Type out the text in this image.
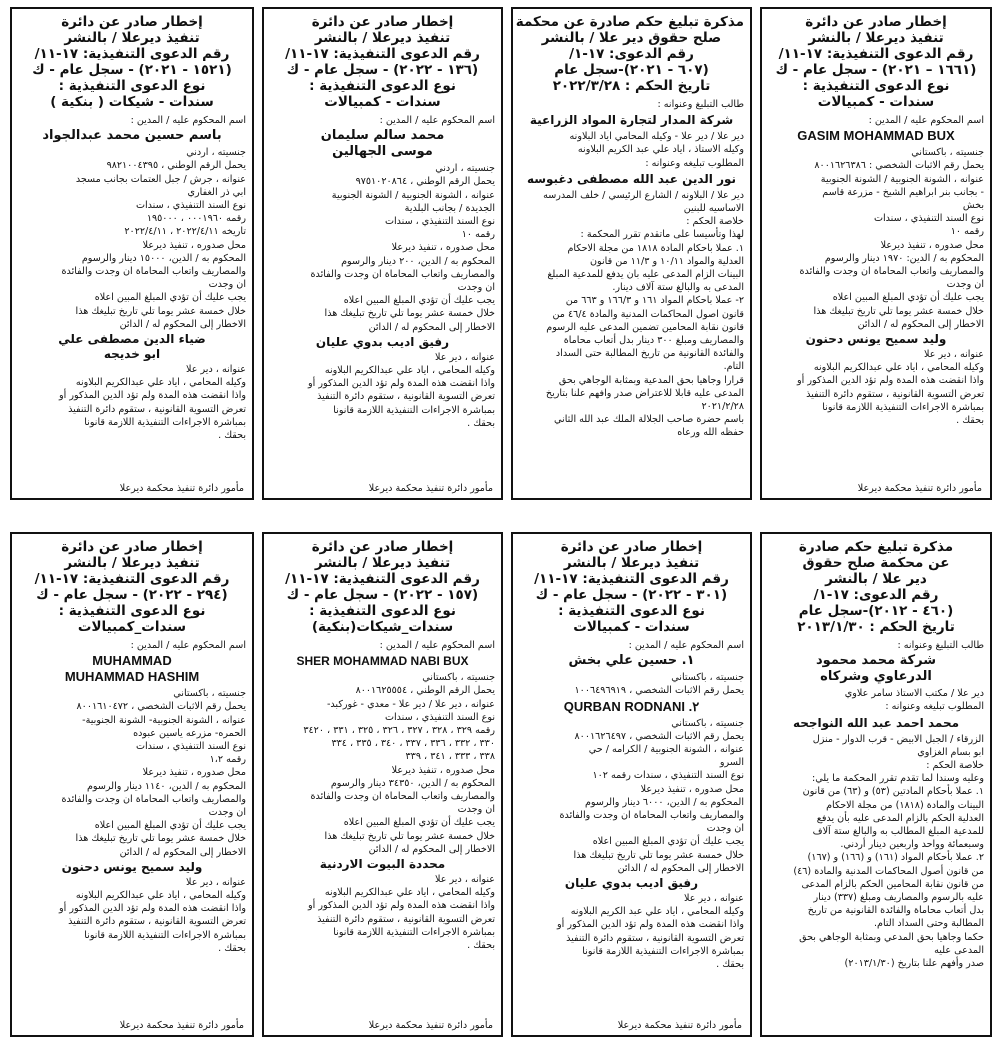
إخطار صادر عن دائرة
تنفيذ ديرعلا / بالنشر
رقم الدعوى التنفيذية: ١٧-١١/
(١٦٦١ – ٢٠٢١) - سجل عام - ك
نوع الدعوى التنفيذية :
سندات - كمبيالات
اسم المحكوم عليه / المدين :
GASIM MOHAMMAD BUX
جنسيته ، باكستاني
يحمل رقم الاثبات الشخصي : ٨٠٠١٦٢٦٣٨٦
عنوانه ، الشونة الجنوبية / الشونة الجنوبية
- بجانب بنر ابراهيم الشيخ - مزرعة قاسم
بخش
نوع السند التنفيذي ، سندات
رقمه ١٠
محل صدوره ، تنفيذ ديرعلا
المحكوم به / الدين: ١٩٧٠ دينار والرسوم
والمصاريف واتعاب المحاماة ان وجدت والفائدة
ان وجدت
يجب عليك أن تؤدي المبلغ المبين اعلاه
خلال خمسة عشر يوما تلي تاريخ تبليغك هذا
الاخطار إلى المحكوم له / الدائن
وليد سميح يونس دحنون
عنوانه ، دير علا
وكيله المحامي ، اياد علي عبدالكريم البلاونه
واذا انقضت هذه المدة ولم تؤد الدين المذكور أو
تعرض التسوية القانونية ، ستقوم دائرة التنفيذ
بمباشرة الاجراءات التنفيذية اللازمة قانونا
بحقك .
مأمور دائرة تنفيذ محكمة ديرعلا
مذكرة تبليغ حكم صادرة عن محكمة
صلح حقوق دير علا / بالنشر
رقم الدعوى: ١٧-١/
(٦٠٧ - ٢٠٢١)-سجل عام
تاريخ الحكم : ٢٠٢٢/٣/٢٨
طالب التبليغ وعنوانه :
شركة المدار لتجارة المواد الزراعية
دير علا / دير علا - وكيله المحامي اياد البلاونه
وكيله الاستاذ ، اياد علي عبد الكريم البلاونه
المطلوب تبليغه وعنوانه :
نور الدين عبد الله مصطفى دغبوسه
دير علا / البلاونه / الشارع الرئيسي / خلف المدرسه
الاساسيه للبنين
خلاصة الحكم :
لهذا وتأسيسا على ماتقدم تقرر المحكمة :
١. عملا باحكام المادة ١٨١٨ من مجلة الاحكام
العدلية والمواد ١٠/١١ و ١١/٣ من قانون
البينات الزام المدعى عليه بان يدفع للمدعية المبلغ
المدعى به والبالغ ستة آلاف دينار.
٢- عملا باحكام المواد ١٦١ و ١٦٦/٣ و ٦٦٣ من
قانون اصول المحاكمات المدنية والمادة ٤٦/٤ من
قانون نقابة المحامين تضمين المدعى عليه الرسوم
والمصاريف ومبلغ ٣٠٠ دينار بدل أتعاب محاماة
والفائدة القانونية من تاريخ المطالبة حتى السداد
التام.
قرارا وجاهيا بحق المدعية وبمثابة الوجاهي بحق
المدعى عليه قابلا للاعتراض صدر وافهم علنا بتاريخ
٢٠٢١/٢/٢٨
باسم حضرة صاحب الجلالة الملك عبد الله الثاني
حفظه الله ورعاه
إخطار صادر عن دائرة
تنفيذ ديرعلا / بالنشر
رقم الدعوى التنفيذية: ١٧-١١/
(١٣٦ - ٢٠٢٢) - سجل عام - ك
نوع الدعوى التنفيذية :
سندات - كمبيالات
اسم المحكوم عليه / المدين :
محمد سالم سليمان موسى الجهالين
جنسيته ، اردني
يحمل الرقم الوطني ، ٩٧٥١٠٢٠٨٦٤
عنوانه ، الشونة الجنوبية / الشونة الجنوبية
الجديدة / بجانب البلدية
نوع السند التنفيذي ، سندات
رقمه ١٠
محل صدوره ، تنفيذ ديرعلا
المحكوم به / الدين، ٢٠٠ دينار والرسوم
والمصاريف واتعاب المحاماة ان وجدت والفائدة
ان وجدت
يجب عليك أن تؤدي المبلغ المبين اعلاه
خلال خمسة عشر يوما تلي تاريخ تبليغك هذا
الاخطار إلى المحكوم له / الدائن
رفيق اديب بدوي عليان
عنوانه ، دير علا
وكيله المحامي ، اياد علي عبدالكريم البلاونه
واذا انقضت هذه المدة ولم تؤد الدين المذكور أو
تعرض التسوية القانونية ، ستقوم دائرة التنفيذ
بمباشرة الاجراءات التنفيذية اللازمة قانونا
بحقك .
مأمور دائرة تنفيذ محكمة ديرعلا
إخطار صادر عن دائرة
تنفيذ ديرعلا / بالنشر
رقم الدعوى التنفيذية: ١٧-١١/
(١٥٢١ - ٢٠٢١) - سجل عام - ك
نوع الدعوى التنفيذية :
سندات - شيكات ( بنكية )
اسم المحكوم عليه / المدين :
باسم حسين محمد عبدالجواد
جنسيته ، اردني
يحمل الرقم الوطني ، ٩٨٢١٠٠٤٣٩٥
عنوانه ، جرش / جبل العتمات بجانب مسجد
ابي ذر الغفاري
نوع السند التنفيذي ، سندات
رقمه ٠٠٠١٩٦٠ ، ١٩٥٠٠٠
تاريخه ٢٠٢٢/٤/١١ ، ٢٠٢٢/٤/١١
محل صدوره ، تنفيذ ديرعلا
المحكوم به / الدين، ١٥٠٠٠ دينار والرسوم
والمصاريف واتعاب المحاماة ان وجدت والفائدة
ان وجدت
يجب عليك أن تؤدي المبلغ المبين اعلاه
خلال خمسة عشر يوما تلي تاريخ تبليغك هذا
الاخطار إلى المحكوم له / الدائن
ضياء الدين مصطفى علي ابو خديجه
عنوانه ، دير علا
وكيله المحامي ، اياد علي عبدالكريم البلاونه
واذا انقضت هذه المدة ولم تؤد الدين المذكور أو
تعرض التسوية القانونية ، ستقوم دائرة التنفيذ
بمباشرة الاجراءات التنفيذية اللازمة قانونا
بحقك .
مأمور دائرة تنفيذ محكمة ديرعلا
مذكرة تبليغ حكم صادرة
عن محكمة صلح حقوق
دير علا / بالنشر
رقم الدعوى: ١٧-١/
(٤٦٠ - ٢٠١٢)-سجل عام
تاريخ الحكم : ٢٠١٣/١/٣٠
طالب التبليغ وعنوانه :
شركة محمد محمود الدرعاوي وشركاه
دير علا / مكتب الاستاذ سامر علاوي
المطلوب تبليغه وعنوانه :
محمد احمد عبد الله النواجحه
الزرقاء / الجبل الابيض - قرب الدوار - منزل
ابو بسام الغزاوي
خلاصة الحكم :
وعليه وسندا لما تقدم تقرر المحكمة ما يلي:
١. عملا بأحكام المادتين (٥٣) و (٦٣) من قانون
البينات والمادة (١٨١٨) من مجلة الاحكام
العدلية الحكم بالزام المدعى عليه بأن يدفع
للمدعية المبلغ المطالب به والبالغ ستة آلاف
وسبعمائة وواحد واربعين دينار أردني.
٢. عملا بأحكام المواد (١٦١) و (١٦٦) و (١٦٧)
من قانون أصول المحاكمات المدنية والمادة (٤٦)
من قانون نقابة المحامين الحكم بالزام المدعى
عليه بالرسوم والمصاريف ومبلغ (٣٣٧) دينار
بدل أتعاب محاماة والفائدة القانونية من تاريخ
المطالبة وحتى السداد التام.
حكما وجاهيا بحق المدعي وبمثابة الوجاهي بحق
المدعى عليه
صدر وأفهم علنا بتاريخ (٢٠١٣/١/٣٠)
إخطار صادر عن دائرة
تنفيذ ديرعلا / بالنشر
رقم الدعوى التنفيذية: ١٧-١١/
(٣٠١ - ٢٠٢٢) - سجل عام - ك
نوع الدعوى التنفيذية :
سندات - كمبيالات
اسم المحكوم عليه / المدين :
١. حسين علي بخش
جنسيته ، باكستاني
يحمل رقم الاثبات الشخصي ، ١٠٠٦٤٩٦٩١٩
QURBAN RODNANI .٢
جنسيته ، باكستاني
يحمل رقم الاثبات الشخصي ، ٨٠٠١٦٢٦٤٩٧
عنوانه ، الشونة الجنوبية / الكرامه / حي
السرو
نوع السند التنفيذي ، سندات رقمه ١٠٢
محل صدوره ، تنفيذ ديرعلا
المحكوم به / الدين، ٦٠٠٠ دينار والرسوم
والمصاريف واتعاب المحاماة ان وجدت والفائدة
ان وجدت
يجب عليك أن تؤدي المبلغ المبين اعلاه
خلال خمسة عشر يوما تلي تاريخ تبليغك هذا
الاخطار إلى المحكوم له / الدائن
رفيق اديب بدوي عليان
عنوانه ، دير علا
وكيله المحامي ، اياد علي عبد الكريم البلاونه
واذا انقضت هذه المدة ولم تؤد الدين المذكور أو
تعرض التسوية القانونية ، ستقوم دائرة التنفيذ
بمباشرة الاجراءات التنفيذية اللازمة قانونا
بحقك .
مأمور دائرة تنفيذ محكمة ديرعلا
إخطار صادر عن دائرة
تنفيذ ديرعلا / بالنشر
رقم الدعوى التنفيذية: ١٧-١١/
(١٥٧ - ٢٠٢٢) - سجل عام - ك
نوع الدعوى التنفيذية :
سندات_شيكات(بنكية)
اسم المحكوم عليه / المدين :
SHER MOHAMMAD NABI BUX
جنسيته ، باكستاني
يحمل الرقم الوطني ، ٨٠٠١٦٢٥٥٥٤
عنوانه ، دير علا / دير علا - معدي - غوركبد-
نوع السند التنفيذي ، سندات
رقمه ٣٢٩ ، ٣٢٨ ، ٣٢٧ ، ٣٢٦ ، ٣٢٥ ، ٣٣١ ، ٣٤٢٠
٣٣٠ ، ٣٣٢ ، ٣٣٦ ، ٣٣٧ ، ٣٤٠ ، ٣٣٥ ، ٣٣٤
٣٣٨ ، ٣٣٣ ، ٣٤١ ، ٣٣٩
محل صدوره ، تنفيذ ديرعلا
المحكوم به / الدين، ٣٤٣٥٠ دينار والرسوم
والمصاريف واتعاب المحاماة ان وجدت والفائدة
ان وجدت
يجب عليك أن تؤدي المبلغ المبين اعلاه
خلال خمسة عشر يوما تلي تاريخ تبليغك هذا
الاخطار إلى المحكوم له / الدائن
محددة البيوت الاردنية
عنوانه ، دير علا
وكيله المحامي ، اياد علي عبدالكريم البلاونه
واذا انقضت هذه المدة ولم تؤد الدين المذكور أو
تعرض التسوية القانونية ، ستقوم دائرة التنفيذ
بمباشرة الاجراءات التنفيذية اللازمة قانونا
بحقك .
مأمور دائرة تنفيذ محكمة ديرعلا
إخطار صادر عن دائرة
تنفيذ ديرعلا / بالنشر
رقم الدعوى التنفيذية: ١٧-١١/
(٢٩٤ - ٢٠٢٢) - سجل عام - ك
نوع الدعوى التنفيذية :
سندات_كمبيالات
اسم المحكوم عليه / المدين :
MUHAMMAD MUHAMMAD HASHIM
جنسيته ، باكستاني
يحمل رقم الاثبات الشخصي ، ٨٠٠١٦١٠٤٧٢
عنوانه ، الشونة الجنوبية- الشونة الجنوبية-
الحمره- مزرعه ياسين عبوده
نوع السند التنفيذي ، سندات
رقمه ١،٢
محل صدوره ، تنفيذ ديرعلا
المحكوم به / الدين، ١١٤٠ دينار والرسوم
والمصاريف واتعاب المحاماة ان وجدت والفائدة
ان وجدت
يجب عليك أن تؤدي المبلغ المبين اعلاه
خلال خمسة عشر يوما تلي تاريخ تبليغك هذا
الاخطار إلى المحكوم له / الدائن
وليد سميح يونس دحنون
عنوانه ، دير علا
وكيله المحامي ، اياد علي عبدالكريم البلاونه
واذا انقضت هذه المدة ولم تؤد الدين المذكور أو
تعرض التسوية القانونية ، ستقوم دائرة التنفيذ
بمباشرة الاجراءات التنفيذية اللازمة قانونا
بحقك .
مأمور دائرة تنفيذ محكمة ديرعلا
